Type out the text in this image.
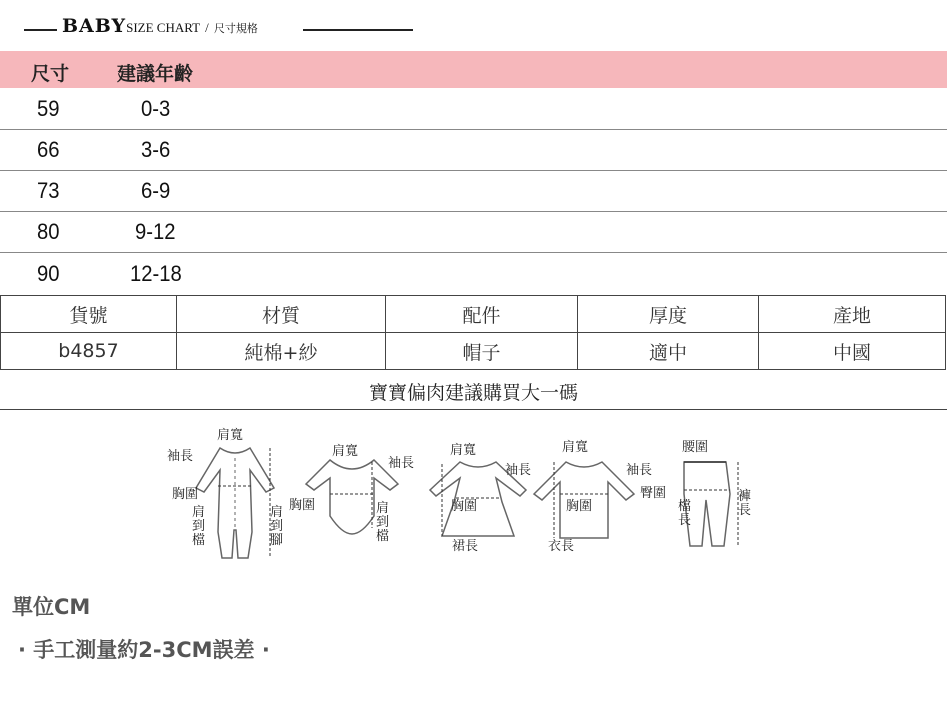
BABYSIZE CHART / 尺寸規格
尺寸	建議年齡
59	0-3
66	3-6
73	6-9
80	9-12
90	12-18
貨號	材質	配件	厚度	產地
b4857	純棉+紗	帽子	適中	中國
寶寶偏肉建議購買大一碼
肩寬
袖長
胸圍
肩到檔
肩到腳
肩寬
袖長
胸圍	肩到檔
肩寬
袖長
胸圍
裙長
肩寬
袖長
胸圍
衣長
腰圍
臀圍
檔長
褲長
單位CM
· 手工測量約2-3CM誤差 ·
